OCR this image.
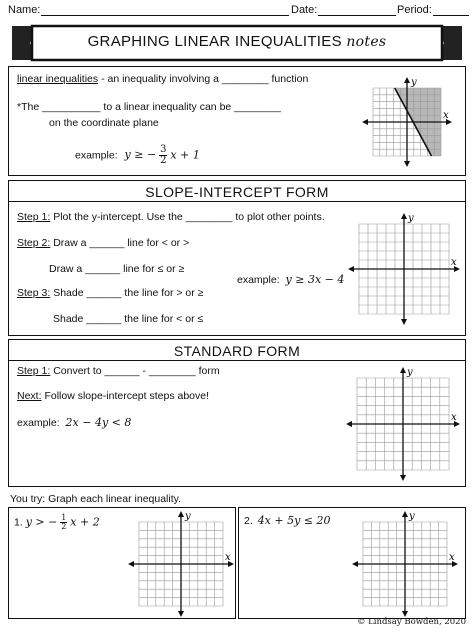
Name:	Date:	Period:
GRAPHING LINEAR INEQUALITIES notes
linear inequalities - an inequality involving a ________ function
*The __________ to a linear inequality can be ________
on the coordinate plane
example: y ≥ − $\frac{3}{2}$ x + 1
x
y
SLOPE-INTERCEPT FORM
Step 1: Plot the y-intercept. Use the ________ to plot other points.
Step 2: Draw a ______ line for < or >
Draw a ______ line for ≤ or ≥
Step 3: Shade ______ the line for > or ≥
Shade ______ the line for < or ≤
example: y ≥ 3x − 4
x
y
STANDARD FORM
Step 1: Convert to ______ - ________ form
Next: Follow slope-intercept steps above!
example: 2x − 4y < 8	x
y
You try: Graph each linear inequality.
1. y > − $\frac{1}{2}$ x + 2
x
y	2. 4x + 5y ≤ 20
x
y
© Lindsay Bowden, 2020
